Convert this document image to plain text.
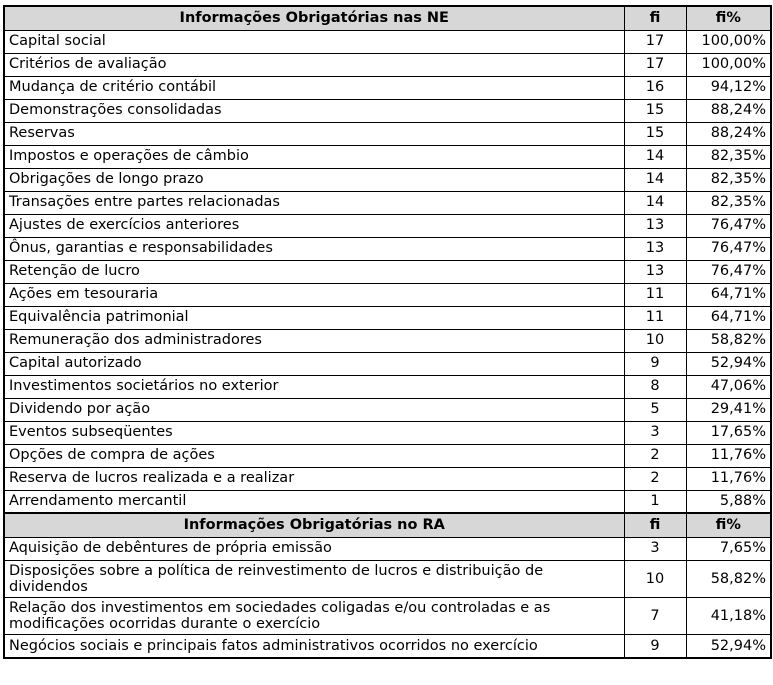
Informações Obrigatórias nas NE	fi	fi%
Capital social	17	100,00%
Critérios de avaliação	17	100,00%
Mudança de critério contábil	16	94,12%
Demonstrações consolidadas	15	88,24%
Reservas	15	88,24%
Impostos e operações de câmbio	14	82,35%
Obrigações de longo prazo	14	82,35%
Transações entre partes relacionadas	14	82,35%
Ajustes de exercícios anteriores	13	76,47%
Ônus, garantias e responsabilidades	13	76,47%
Retenção de lucro	13	76,47%
Ações em tesouraria	11	64,71%
Equivalência patrimonial	11	64,71%
Remuneração dos administradores	10	58,82%
Capital autorizado	9	52,94%
Investimentos societários no exterior	8	47,06%
Dividendo por ação	5	29,41%
Eventos subseqüentes	3	17,65%
Opções de compra de ações	2	11,76%
Reserva de lucros realizada e a realizar	2	11,76%
Arrendamento mercantil	1	5,88%
Informações Obrigatórias no RA	fi	fi%
Aquisição de debêntures de própria emissão	3	7,65%
Disposições sobre a política de reinvestimento de lucros e distribuição de dividendos	10	58,82%
Relação dos investimentos em sociedades coligadas e/ou controladas e as modificações ocorridas durante o exercício	7	41,18%
Negócios sociais e principais fatos administrativos ocorridos no exercício	9	52,94%
